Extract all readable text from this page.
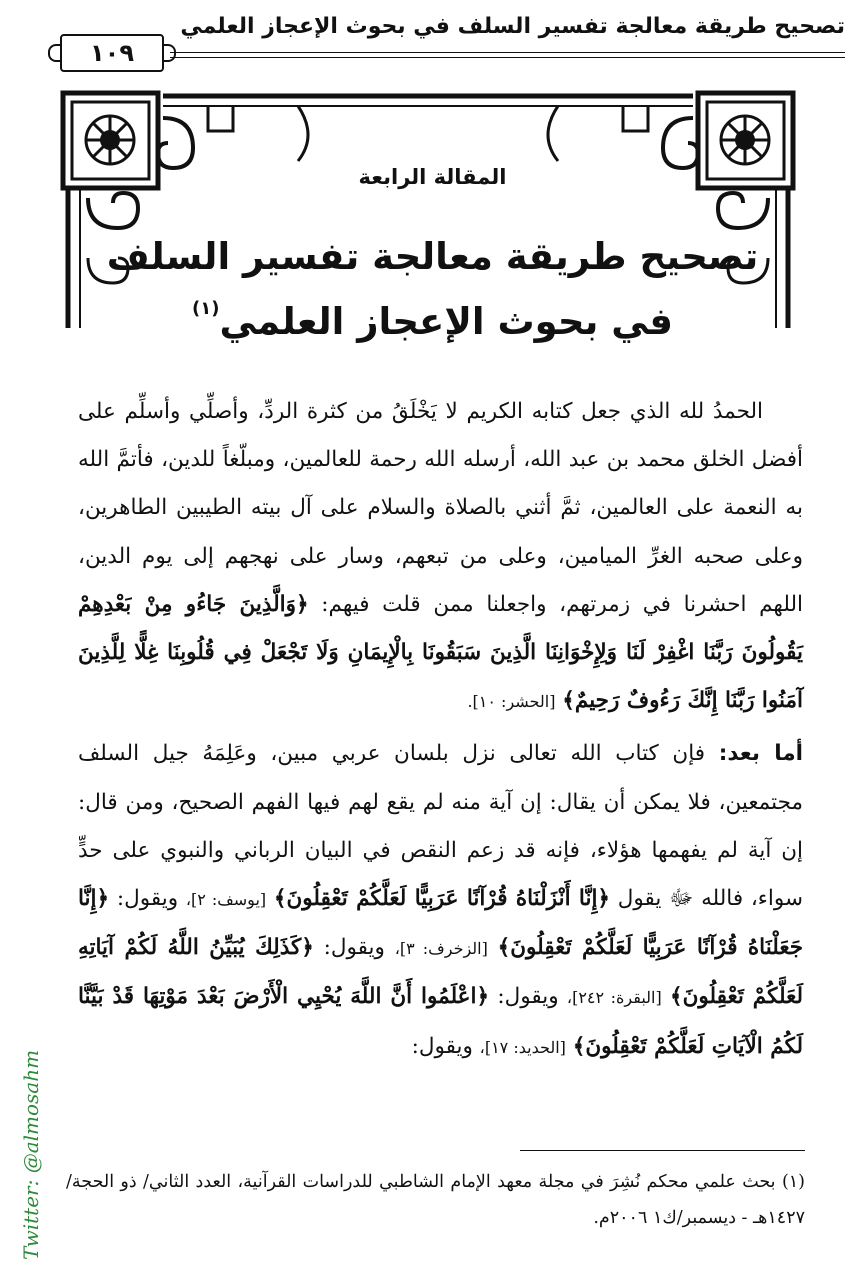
تصحيح طريقة معالجة تفسير السلف في بحوث الإعجاز العلمي
١٠٩
المقالة الرابعة
تصحيح طريقة معالجة تفسير السلف
في بحوث الإعجاز العلمي$^{(١)}$

الحمدُ لله الذي جعل كتابه الكريم لا يَخْلَقُ من كثرة الردِّ، وأصلِّي وأسلِّم على أفضل الخلق محمد بن عبد الله، أرسله الله رحمة للعالمين، ومبلّغاً للدين، فأتمَّ الله به النعمة على العالمين، ثمَّ أثني بالصلاة والسلام على آل بيته الطيبين الطاهرين، وعلى صحبه الغرِّ الميامين، وعلى من تبعهم، وسار على نهجهم إلى يوم الدين، اللهم احشرنا في زمرتهم، واجعلنا ممن قلت فيهم: ﴿وَالَّذِينَ جَاءُو مِنْ بَعْدِهِمْ يَقُولُونَ رَبَّنَا اغْفِرْ لَنَا وَلِإِخْوَانِنَا الَّذِينَ سَبَقُونَا بِالْإِيمَانِ وَلَا تَجْعَلْ فِي قُلُوبِنَا غِلًّا لِلَّذِينَ آمَنُوا رَبَّنَا إِنَّكَ رَءُوفٌ رَحِيمٌ﴾ [الحشر: ١٠].

أما بعد: فإن كتاب الله تعالى نزل بلسان عربي مبين، وعَلِمَهُ جيل السلف مجتمعين، فلا يمكن أن يقال: إن آية منه لم يقع لهم فيها الفهم الصحيح، ومن قال: إن آية لم يفهمها هؤلاء، فإنه قد زعم النقص في البيان الرباني والنبوي على حدٍّ سواء، فالله ﷻ يقول ﴿إِنَّا أَنْزَلْنَاهُ قُرْآنًا عَرَبِيًّا لَعَلَّكُمْ تَعْقِلُونَ﴾ [يوسف: ٢]، ويقول: ﴿إِنَّا جَعَلْنَاهُ قُرْآنًا عَرَبِيًّا لَعَلَّكُمْ تَعْقِلُونَ﴾ [الزخرف: ٣]، ويقول: ﴿كَذَلِكَ يُبَيِّنُ اللَّهُ لَكُمْ آيَاتِهِ لَعَلَّكُمْ تَعْقِلُونَ﴾ [البقرة: ٢٤٢]، ويقول: ﴿اعْلَمُوا أَنَّ اللَّهَ يُحْيِي الْأَرْضَ بَعْدَ مَوْتِهَا قَدْ بَيَّنَّا لَكُمُ الْآيَاتِ لَعَلَّكُمْ تَعْقِلُونَ﴾ [الحديد: ١٧]، ويقول:

(١) بحث علمي محكم نُشِرَ في مجلة معهد الإمام الشاطبي للدراسات القرآنية، العدد الثاني/ ذو الحجة/ ١٤٢٧هـ - ديسمبر/ك١ ٢٠٠٦م.
Twitter: @almosahm
